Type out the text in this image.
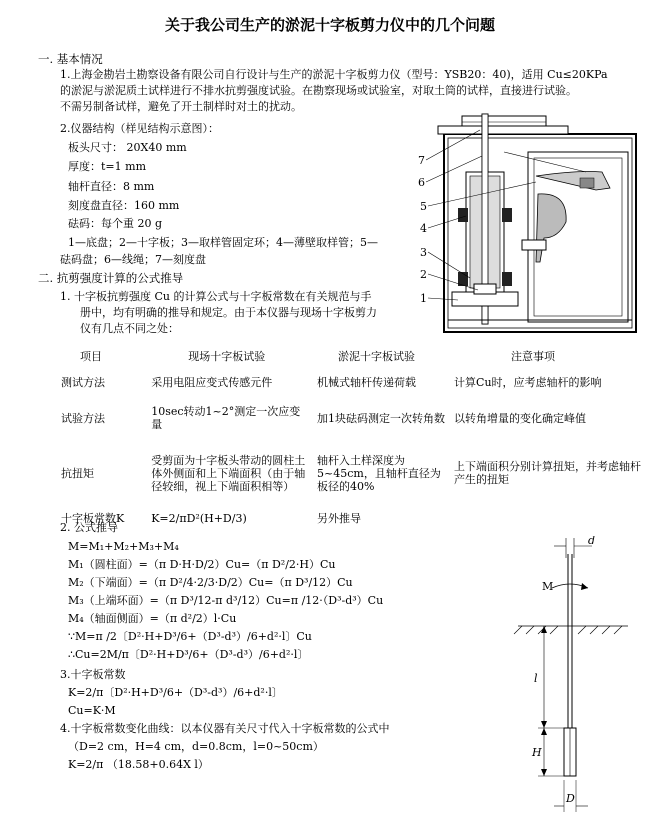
关于我公司生产的淤泥十字板剪力仪中的几个问题
一. 基本情况
1.上海金勘岩土勘察设备有限公司自行设计与生产的淤泥十字板剪力仪（型号：YSB20：40)，适用 Cu≤20KPa
的淤泥与淤泥质土试样进行不排水抗剪强度试验。在勘察现场或试验室，对取土筒的试样，直接进行试验。
不需另制备试样，避免了开土制样时对土的扰动。
2.仪器结构（样见结构示意图）：
板头尺寸： 20X40 mm
厚度：t=1 mm
轴杆直径：8 mm
刻度盘直径：160 mm
砝码：每个重 20 g
1—底盘；2—十字板；3—取样管固定环；4—薄壁取样管；5—
砝码盘；6—线绳；7—刻度盘
二. 抗剪强度计算的公式推导
1. 十字板抗剪强度 Cu 的计算公式与十字板常数在有关规范与手
册中，均有明确的推导和规定。由于本仪器与现场十字板剪力
仪有几点不同之处：
项目	现场十字板试验	淤泥十字板试验	注意事项
测试方法	采用电阻应变式传感元件	机械式轴杆传递荷载	计算Cu时，应考虑轴杆的影响
试验方法	10sec转动1~2°测定一次应变量	加1块砝码测定一次转角数	以转角增量的变化确定峰值
抗扭矩	受剪面为十字板头带动的圆柱土体外侧面和上下端面积（由于轴径较细，视上下端面积相等）	轴杆入土样深度为 5~45cm，且轴杆直径为板径的40%	上下端面积分别计算扭矩，并考虑轴杆产生的扭矩
十字板常数K	K=2/πD²(H+D/3)	另外推导	
2. 公式推导
M=M₁+M₂+M₃+M₄
M₁（圆柱面）=（π D·H·D/2）Cu=（π D²/2·H）Cu
M₂（下端面）=（π D²/4·2/3·D/2）Cu=（π D³/12）Cu
M₃（上端环面）=（π D³/12-π d³/12）Cu=π /12·（D³-d³）Cu
M₄（轴面侧面）=（π d²/2）l·Cu
∵M=π /2〔D²·H+D³/6+（D³-d³）/6+d²·l〕Cu
∴Cu=2M/π〔D²·H+D³/6+（D³-d³）/6+d²·l〕
3.十字板常数
K=2/π〔D²·H+D³/6+（D³-d³）/6+d²·l〕
Cu=K·M
4.十字板常数变化曲线：以本仪器有关尺寸代入十字板常数的公式中
（D=2 cm，H=4 cm，d=0.8cm，l=0~50cm）
K=2/π （18.58+0.64X l）
7
6
5
4
3
2
1
d
M
l
H
D
